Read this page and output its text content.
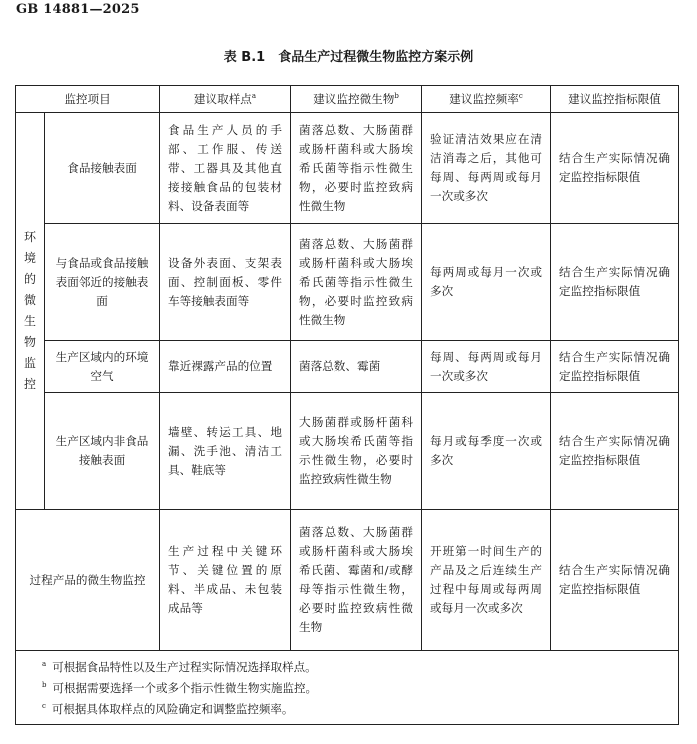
GB 14881—2025
表 B.1　食品生产过程微生物监控方案示例
监控项目		建议取样点$^a$	建议监控微生物$^b$	建议监控频率$^c$	建议监控指标限值

环境的微生物监控	食品接触表面	食品生产人员的手部、工作服、传送带、工器具及其他直接接触食品的包装材料、设备表面等	菌落总数、大肠菌群或肠杆菌科或大肠埃希氏菌等指示性微生物，必要时监控致病性微生物	验证清洁效果应在清洁消毒之后，其他可每周、每两周或每月一次或多次	结合生产实际情况确定监控指标限值
	与食品或食品接触表面邻近的接触表面	设备外表面、支架表面、控制面板、零件车等接触表面等	菌落总数、大肠菌群或肠杆菌科或大肠埃希氏菌等指示性微生物，必要时监控致病性微生物	每两周或每月一次或多次	结合生产实际情况确定监控指标限值
	生产区域内的环境空气	靠近裸露产品的位置	菌落总数、霉菌	每周、每两周或每月一次或多次	结合生产实际情况确定监控指标限值
	生产区域内非食品接触表面	墙壁、转运工具、地漏、洗手池、清洁工具、鞋底等	大肠菌群或肠杆菌科或大肠埃希氏菌等指示性微生物，必要时监控致病性微生物	每月或每季度一次或多次	结合生产实际情况确定监控指标限值
过程产品的微生物监控		生产过程中关键环节、关键位置的原料、半成品、未包装成品等	菌落总数、大肠菌群或肠杆菌科或大肠埃希氏菌、霉菌和/或酵母等指示性微生物，必要时监控致病性微生物	开班第一时间生产的产品及之后连续生产过程中每周或每两周或每月一次或多次	结合生产实际情况确定监控指标限值

$^a$ 可根据食品特性以及生产过程实际情况选择取样点。
$^b$ 可根据需要选择一个或多个指示性微生物实施监控。
$^c$ 可根据具体取样点的风险确定和调整监控频率。					
